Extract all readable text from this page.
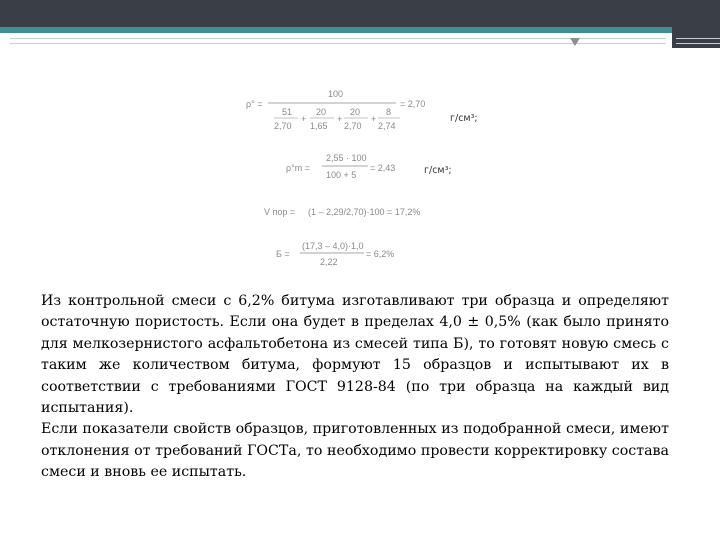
ρ° =
100
51
2,70
+
20
1,65
+
20
2,70
+
8
2,74
= 2,70
г/см³;
ρ°m =
2,55 · 100
100 + 5
= 2,43	г/см³;
V пор = (1 – 2,29/2,70)·100 = 17,2%
Б =
(17,3 – 4,0)·1,0
2,22
= 6,2%

Из контрольной смеси с 6,2% битума изготавливают три образца и определяют остаточную пористость. Если она будет в пределах 4,0 ± 0,5% (как было принято для мелкозернистого асфальтобетона из смесей типа Б), то готовят новую смесь с таким же количеством битума, формуют 15 образцов и испытывают их в соответствии с требованиями ГОСТ 9128-84 (по три образца на каждый вид испытания).

Если показатели свойств образцов, приготовленных из подобранной смеси, имеют отклонения от требований ГОСТа, то необходимо провести корректировку состава смеси и вновь ее испытать.
